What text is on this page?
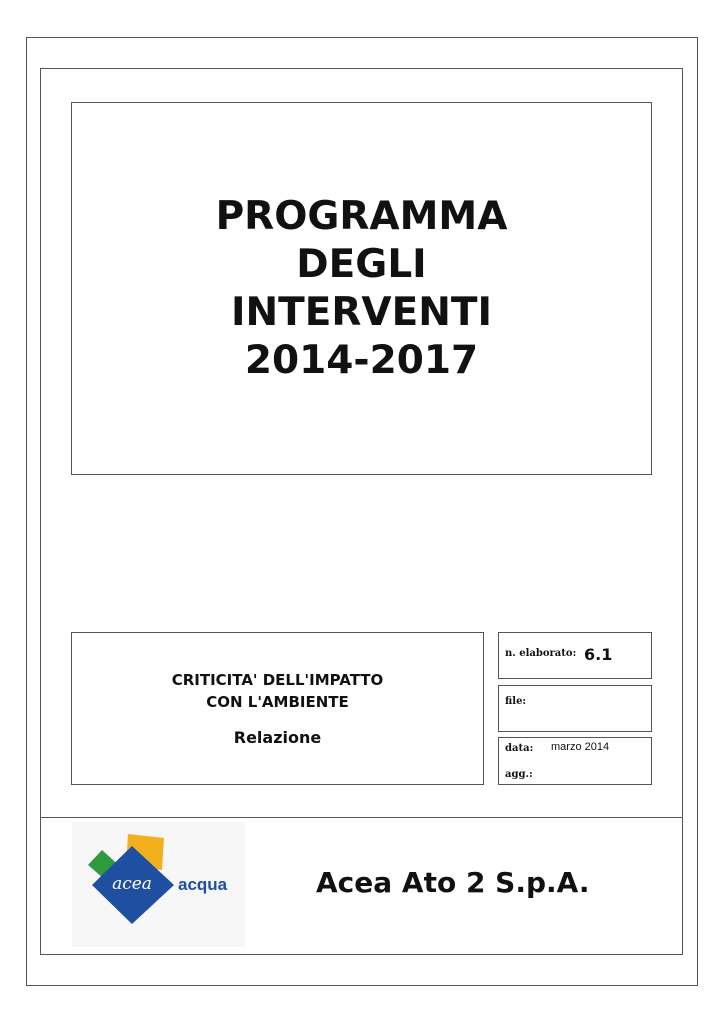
PROGRAMMA
DEGLI
INTERVENTI
2014-2017
CRITICITA' DELL'IMPATTO
CON L'AMBIENTE
Relazione
n. elaborato: 6.1
file:
data: marzo 2014
agg.:
acea acqua	Acea Ato 2 S.p.A.
